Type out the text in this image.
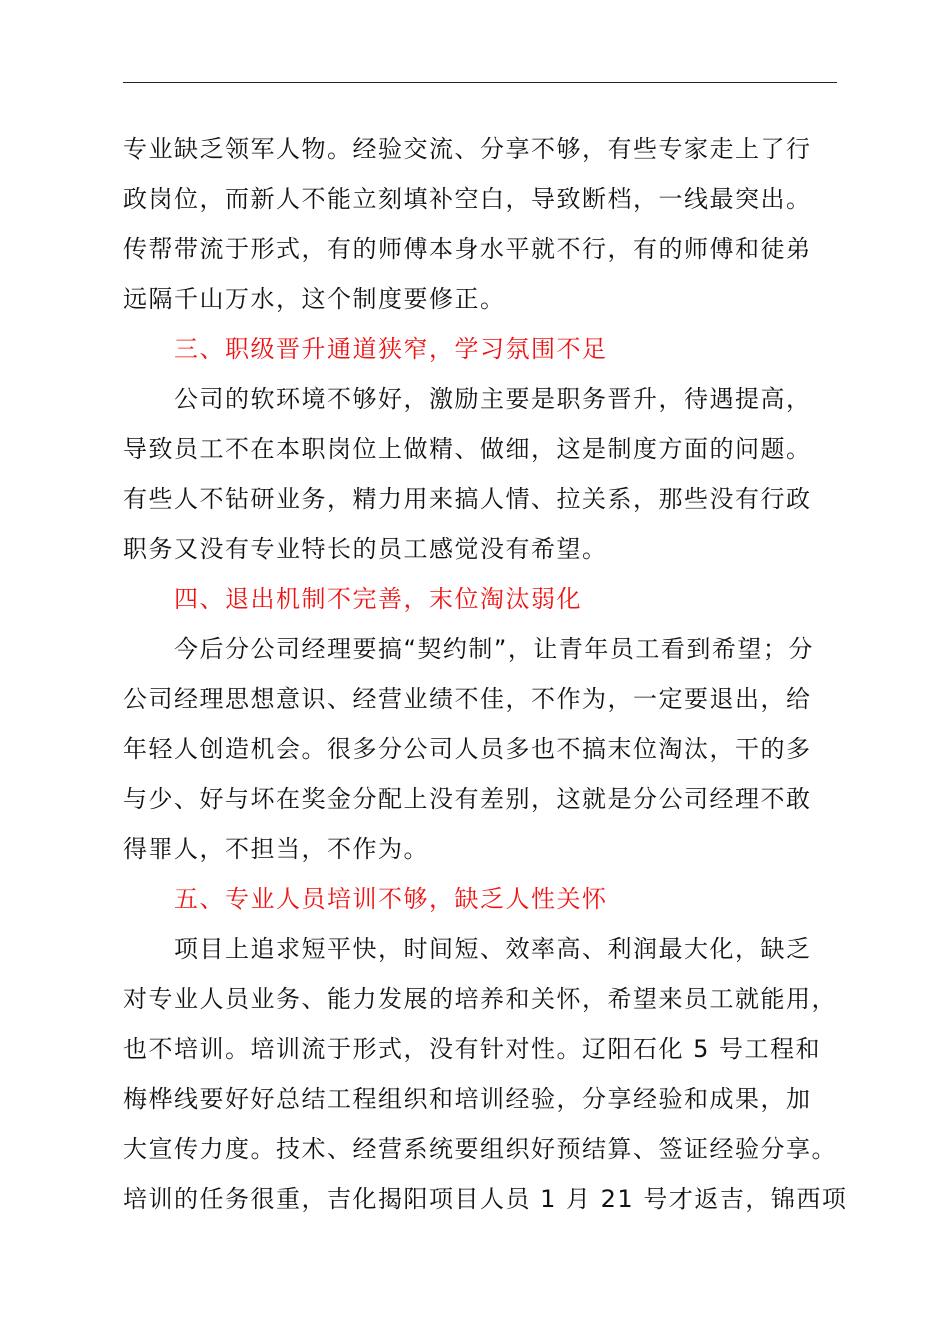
专业缺乏领军人物。经验交流、分享不够，有些专家走上了行
政岗位，而新人不能立刻填补空白，导致断档，一线最突出。
传帮带流于形式，有的师傅本身水平就不行，有的师傅和徒弟
远隔千山万水，这个制度要修正。

三、职级晋升通道狭窄，学习氛围不足

公司的软环境不够好，激励主要是职务晋升，待遇提高，
导致员工不在本职岗位上做精、做细，这是制度方面的问题。
有些人不钻研业务，精力用来搞人情、拉关系，那些没有行政
职务又没有专业特长的员工感觉没有希望。

四、退出机制不完善，末位淘汰弱化

今后分公司经理要搞“契约制”，让青年员工看到希望；分
公司经理思想意识、经营业绩不佳，不作为，一定要退出，给
年轻人创造机会。很多分公司人员多也不搞末位淘汰，干的多
与少、好与坏在奖金分配上没有差别，这就是分公司经理不敢
得罪人，不担当，不作为。

五、专业人员培训不够，缺乏人性关怀

项目上追求短平快，时间短、效率高、利润最大化，缺乏
对专业人员业务、能力发展的培养和关怀，希望来员工就能用，
也不培训。培训流于形式，没有针对性。辽阳石化 5 号工程和
梅桦线要好好总结工程组织和培训经验，分享经验和成果，加
大宣传力度。技术、经营系统要组织好预结算、签证经验分享。
培训的任务很重，吉化揭阳项目人员 1 月 21 号才返吉，锦西项
